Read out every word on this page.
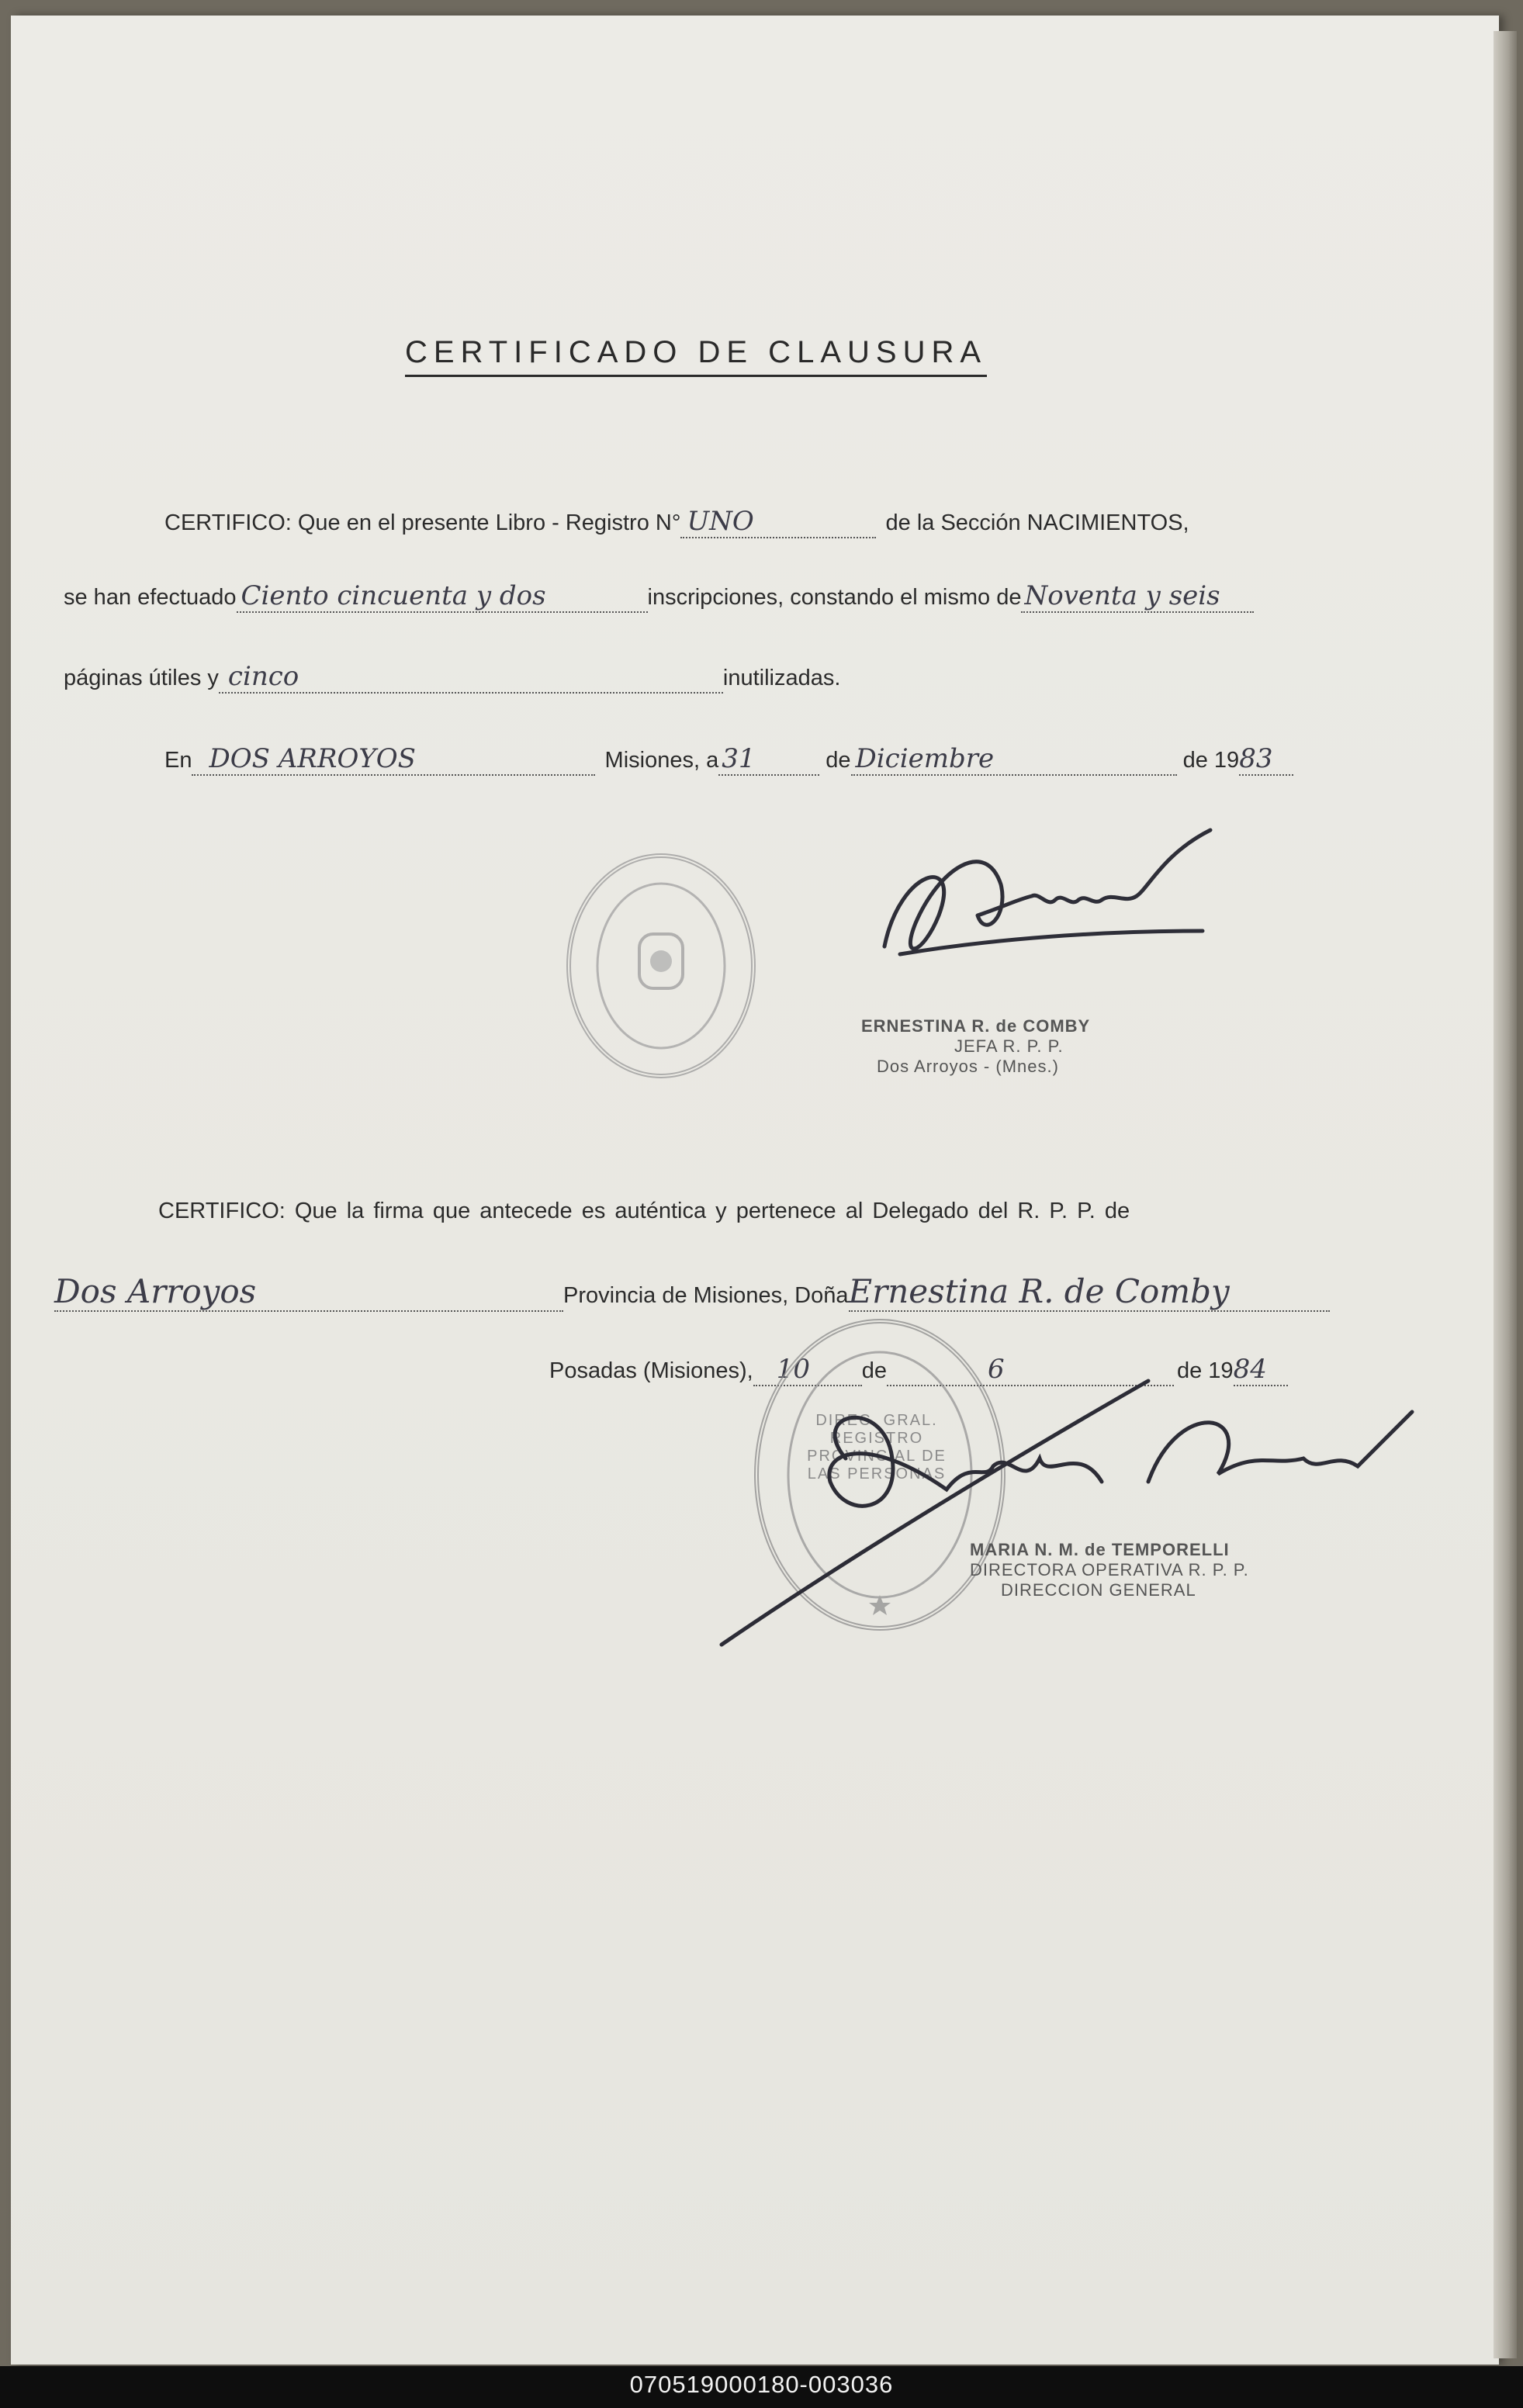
CERTIFICADO DE CLAUSURA
CERTIFICO: Que en el presente Libro - Registro N° UNO	de la Sección NACIMIENTOS,
se han efectuado Ciento cincuenta y dos	inscripciones, constando el mismo de Noventa y seis
páginas útiles y cinco	inutilizadas.
En DOS ARROYOS	Misiones, a 31	de Diciembre	de 1983
ERNESTINA R. de COMBY
JEFA R. P. P.
Dos Arroyos - (Mnes.)
CERTIFICO: Que la firma que antecede es auténtica y pertenece al Delegado del R. P. P. de
Dos Arroyos	Provincia de Misiones, DoñaErnestina R. de Comby
Posadas (Misiones), 10 de	6	de 1984
DIREC. GRAL. REGISTRO PROVINCIAL DE LAS PERSONAS
MARIA N. M. de TEMPORELLI
DIRECTORA OPERATIVA R. P. P.
DIRECCION GENERAL
070519000180-003036
